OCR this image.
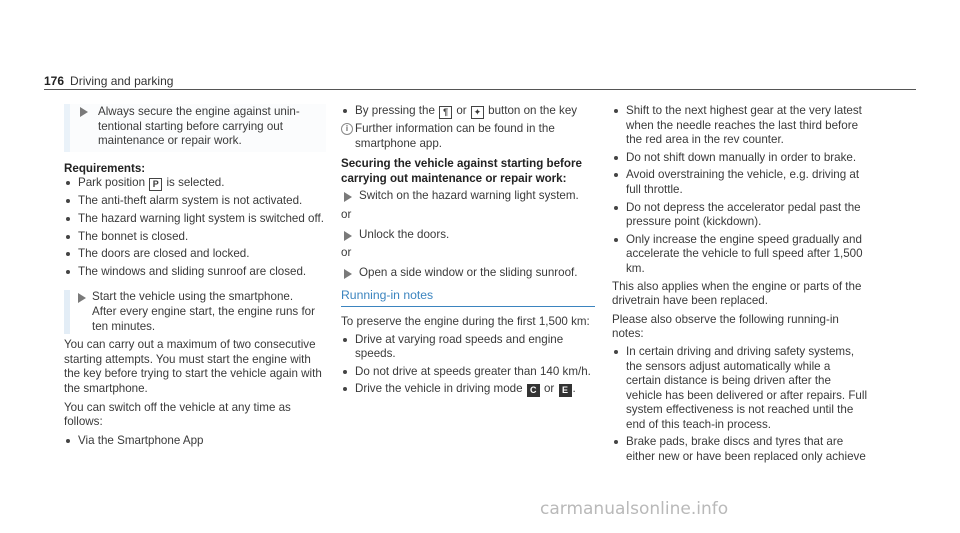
176 Driving and parking

Always secure the engine against unin-

tentional starting before carrying out

maintenance or repair work.

Requirements:

Park position P is selected.
The anti-theft alarm system is not activated.
The hazard warning light system is switched off.
The bonnet is closed.
The doors are closed and locked.
The windows and sliding sunroof are closed.

Start the vehicle using the smartphone.

After every engine start, the engine runs for ten minutes.

You can carry out a maximum of two consecutive starting attempts. You must start the engine with the key before trying to start the vehicle again with the smartphone.

You can switch off the vehicle at any time as follows:

Via the Smartphone App
By pressing the ¶ or ✦ button on the key
i Further information can be found in the smartphone app.

Securing the vehicle against starting before carrying out maintenance or repair work:

Switch on the hazard warning light system.

or

Unlock the doors.

or

Open a side window or the sliding sunroof.

Running-in notes

To preserve the engine during the first 1,500 km:

Drive at varying road speeds and engine speeds.
Do not drive at speeds greater than 140 km/h.
Drive the vehicle in driving mode C or E .
Shift to the next highest gear at the very latest when the needle reaches the last third before the red area in the rev counter.
Do not shift down manually in order to brake.
Avoid overstraining the vehicle, e.g. driving at full throttle.
Do not depress the accelerator pedal past the pressure point (kickdown).
Only increase the engine speed gradually and accelerate the vehicle to full speed after 1,500 km.

This also applies when the engine or parts of the drivetrain have been replaced.

Please also observe the following running-in notes:

In certain driving and driving safety systems, the sensors adjust automatically while a certain distance is being driven after the vehicle has been delivered or after repairs. Full system effectiveness is not reached until the end of this teach-in process.
Brake pads, brake discs and tyres that are either new or have been replaced only achieve
carmanualsonline.info
